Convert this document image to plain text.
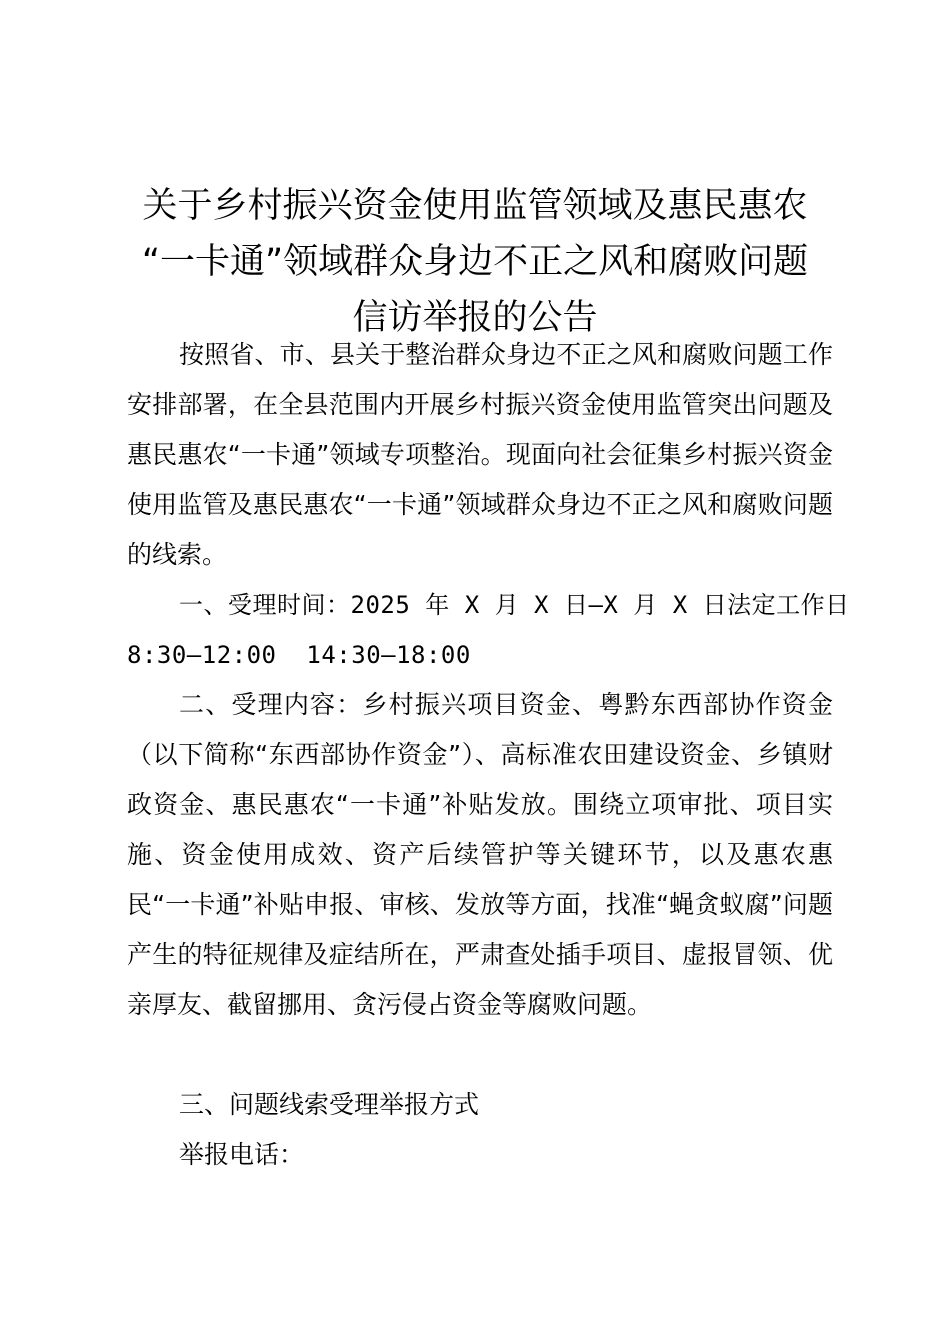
关于乡村振兴资金使用监管领域及惠民惠农
“一卡通”领域群众身边不正之风和腐败问题
信访举报的公告

按照省、市、县关于整治群众身边不正之风和腐败问题工作安排部署，在全县范围内开展乡村振兴资金使用监管突出问题及惠民惠农“一卡通”领域专项整治。现面向社会征集乡村振兴资金使用监管及惠民惠农“一卡通”领域群众身边不正之风和腐败问题的线索。

一、受理时间：2025 年 X 月 X 日—X 月 X 日法定工作日
8:30—12:00  14:30—18:00

二、受理内容：乡村振兴项目资金、粤黔东西部协作资金（以下简称“东西部协作资金”）、高标准农田建设资金、乡镇财政资金、惠民惠农“一卡通”补贴发放。围绕立项审批、项目实施、资金使用成效、资产后续管护等关键环节，以及惠农惠民“一卡通”补贴申报、审核、发放等方面，找准“蝇贪蚁腐”问题产生的特征规律及症结所在，严肃查处插手项目、虚报冒领、优亲厚友、截留挪用、贪污侵占资金等腐败问题。

三、问题线索受理举报方式

举报电话：
